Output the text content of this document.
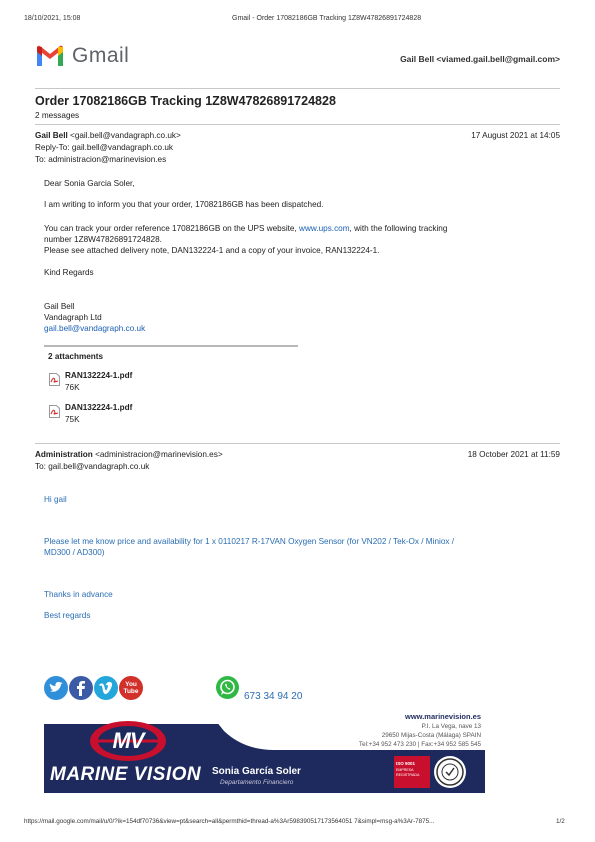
18/10/2021, 15:08	Gmail - Order 17082186GB Tracking 1Z8W47826891724828
Gmail	Gail Bell <viamed.gail.bell@gmail.com>
Order 17082186GB Tracking 1Z8W47826891724828
2 messages
Gail Bell <gail.bell@vandagraph.co.uk>	17 August 2021 at 14:05
Reply-To: gail.bell@vandagraph.co.uk
To: administracion@marinevision.es
Dear Sonia Garcia Soler,
I am writing to inform you that your order, 17082186GB has been dispatched.
You can track your order reference 17082186GB on the UPS website, www.ups.com, with the following tracking
number 1Z8W47826891724828.
Please see attached delivery note, DAN132224-1 and a copy of your invoice, RAN132224-1.
Kind Regards
Gail Bell
Vandagraph Ltd
gail.bell@vandagraph.co.uk
2 attachments
RAN132224-1.pdf
76K
DAN132224-1.pdf
75K
Administration <administracion@marinevision.es>	18 October 2021 at 11:59
To: gail.bell@vandagraph.co.uk
Hi gail
Please let me know price and availability for 1 x 0110217 R-17VAN Oxygen Sensor (for VN202 / Tek-Ox / Miniox /
MD300 / AD300)
Thanks in advance
Best regards
You
Tube	673 34 94 20
MV
MARINE VISION Sonia García Soler
Departamento Financiero
www.marinevision.es
P.I. La Vega, nave 13
29650 Mijas-Costa (Málaga) SPAIN
Tel:+34 952 473 230 | Fax:+34 952 585 545
ISO 9001
EMPRESA REGISTRADA
https://mail.google.com/mail/u/0/?ik=154df70736&view=pt&search=all&permthid=thread-a%3Ar598390517173564051 7&simpl=msg-a%3Ar-7875...	1/2
